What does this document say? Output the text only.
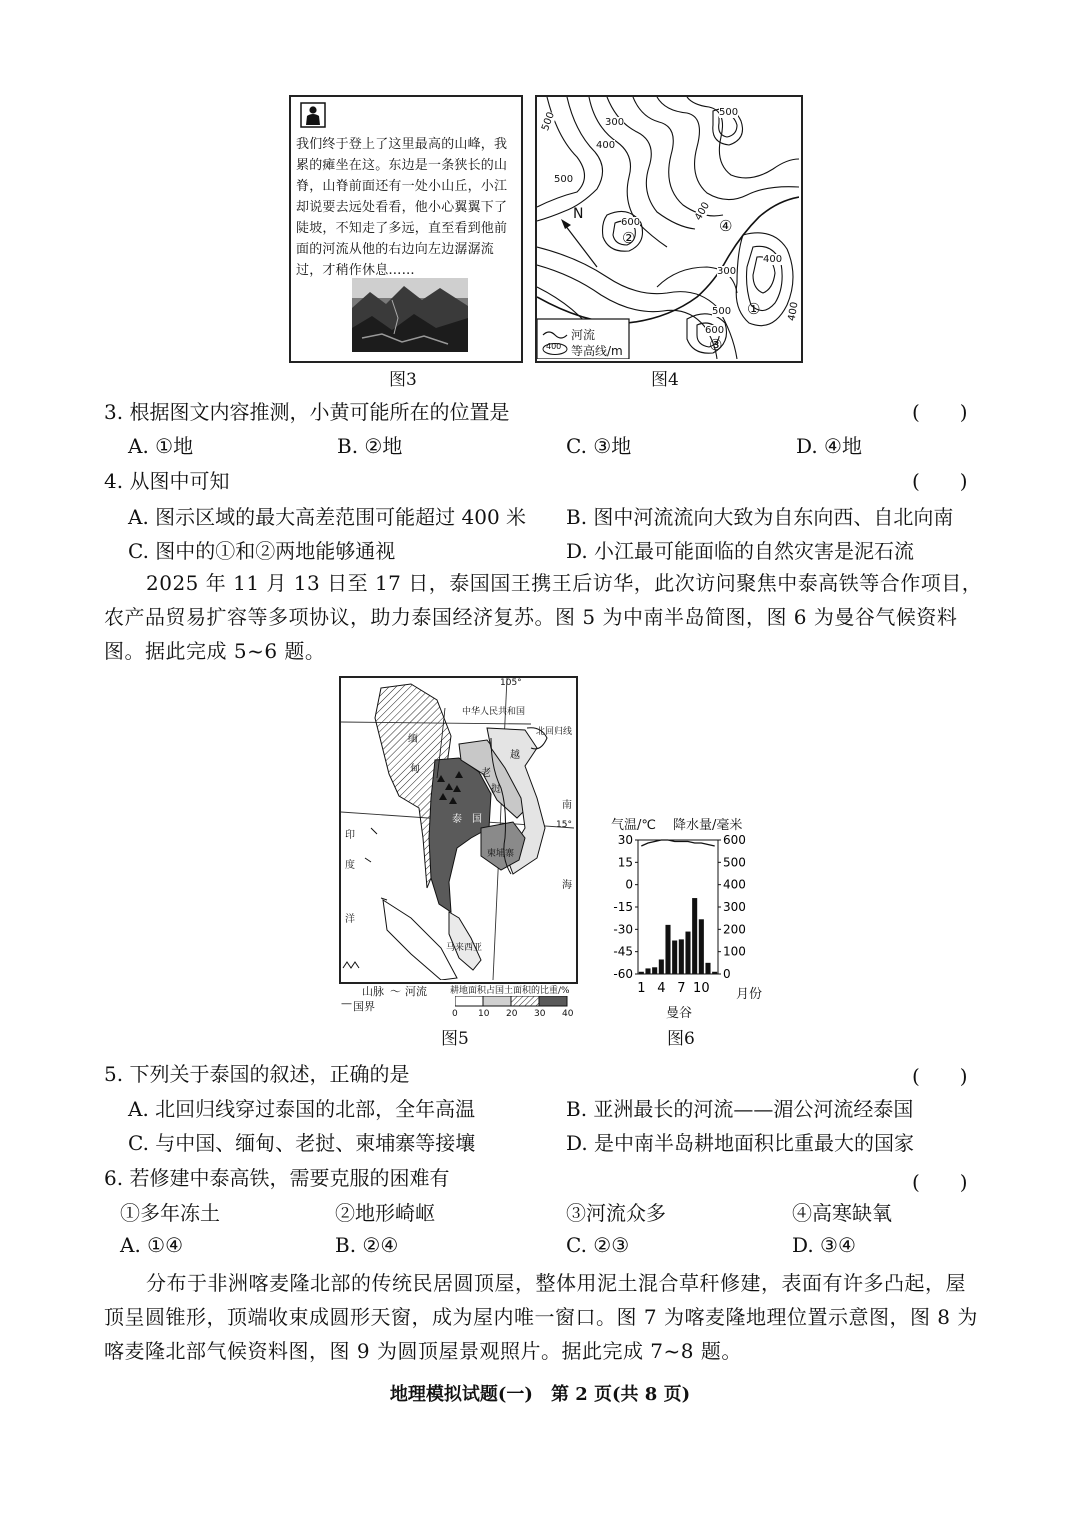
我们终于登上了这里最高的山峰，我累的瘫坐在这。东边是一条狭长的山脊，山脊前面还有一处小山丘，小江却说要去远处看看，他小心翼翼下了陡坡，不知走了多远，直至看到他前面的河流从他的右边向左边潺潺流过，才稍作休息……
图3
N
300
500
500
400
600
300
400
500
600
400
400
500
①
②
③
④
河流
400 等高线/m
图4
3. 根据图文内容推测，小黄可能所在的位置是	(　　)
A. ①地	B. ②地	C. ③地	D. ④地
4. 从图中可知	(　　)
A. 图示区域的最大高差范围可能超过 400 米 B. 图中河流流向大致为自东向西、自北向南
C. 图中的①和②两地能够通视	D. 小江最可能面临的自然灾害是泥石流
2025 年 11 月 13 日至 17 日，泰国国王携王后访华，此次访问聚焦中泰高铁等合作项目，农产品贸易扩容等多项协议，助力泰国经济复苏。图 5 为中南半岛简图，图 6 为曼谷气候资料图。据此完成 5~6 题。
105°
中华人民共和国
北回归线
15°
泰　国
缅
甸	老
挝
越
柬埔寨
马来西亚
印
度
洋
南
海
山脉 〜 河流
— 国界
耕地面积占国土面积的比重/%
0 10 20 30 40
图5
气温/℃ 降水量/毫米
30
15
0
-15
-30
-45
-60
600
500
400
300
200
100
0
1 4 7 10 月份
曼谷
图6
5. 下列关于泰国的叙述，正确的是	(　　)
A. 北回归线穿过泰国的北部，全年高温	B. 亚洲最长的河流——湄公河流经泰国
C. 与中国、缅甸、老挝、柬埔寨等接壤	D. 是中南半岛耕地面积比重最大的国家
6. 若修建中泰高铁，需要克服的困难有	(　　)
①多年冻土	②地形崎岖	③河流众多	④高寒缺氧
A. ①④	B. ②④	C. ②③	D. ③④
分布于非洲喀麦隆北部的传统民居圆顶屋，整体用泥土混合草秆修建，表面有许多凸起，屋顶呈圆锥形，顶端收束成圆形天窗，成为屋内唯一窗口。图 7 为喀麦隆地理位置示意图，图 8 为喀麦隆北部气候资料图，图 9 为圆顶屋景观照片。据此完成 7~8 题。
地理模拟试题(一)　第 2 页(共 8 页)
